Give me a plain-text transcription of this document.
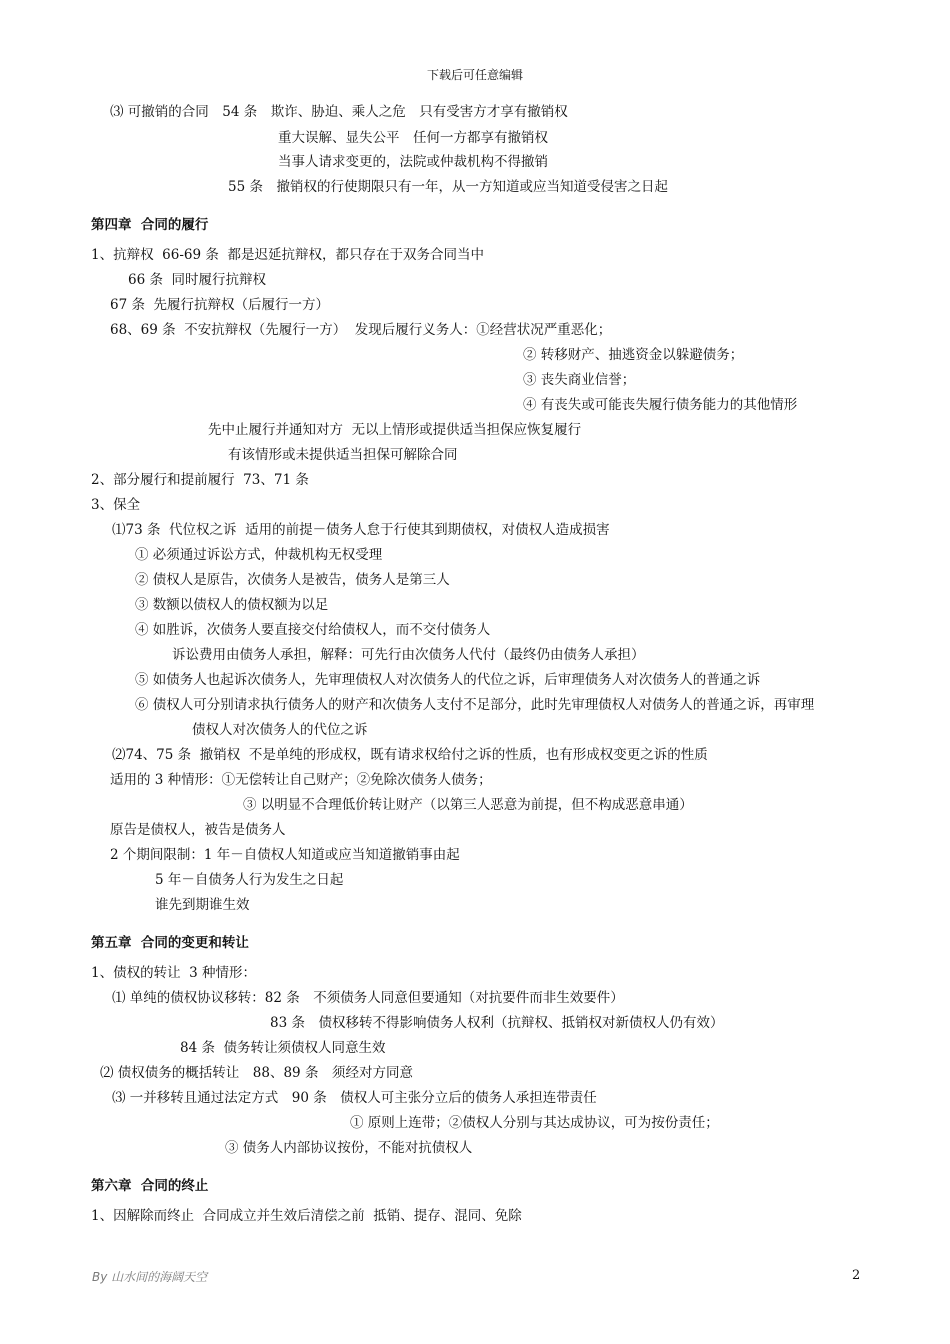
下载后可任意编辑
⑶ 可撤销的合同　54 条　欺诈、胁迫、乘人之危　只有受害方才享有撤销权
重大误解、显失公平　任何一方都享有撤销权
当事人请求变更的，法院或仲裁机构不得撤销
55 条　撤销权的行使期限只有一年，从一方知道或应当知道受侵害之日起
第四章  合同的履行
1、抗辩权  66-69 条  都是迟延抗辩权，都只存在于双务合同当中
66 条  同时履行抗辩权
67 条  先履行抗辩权（后履行一方）
68、69 条  不安抗辩权（先履行一方）  发现后履行义务人：①经营状况严重恶化；
② 转移财产、抽逃资金以躲避债务；
③ 丧失商业信誉；
④ 有丧失或可能丧失履行债务能力的其他情形
先中止履行并通知对方  无以上情形或提供适当担保应恢复履行
有该情形或未提供适当担保可解除合同
2、部分履行和提前履行  73、71 条
3、保全
⑴73 条  代位权之诉  适用的前提－债务人怠于行使其到期债权，对债权人造成损害
① 必须通过诉讼方式，仲裁机构无权受理
② 债权人是原告，次债务人是被告，债务人是第三人
③ 数额以债权人的债权额为以足
④ 如胜诉，次债务人要直接交付给债权人，而不交付债务人
诉讼费用由债务人承担，解释：可先行由次债务人代付（最终仍由债务人承担）
⑤ 如债务人也起诉次债务人，先审理债权人对次债务人的代位之诉，后审理债务人对次债务人的普通之诉
⑥ 债权人可分别请求执行债务人的财产和次债务人支付不足部分，此时先审理债权人对债务人的普通之诉，再审理
债权人对次债务人的代位之诉
⑵74、75 条  撤销权  不是单纯的形成权，既有请求权给付之诉的性质，也有形成权变更之诉的性质
适用的 3 种情形：①无偿转让自己财产；②免除次债务人债务；
③ 以明显不合理低价转让财产（以第三人恶意为前提，但不构成恶意串通）
原告是债权人，被告是债务人
2 个期间限制：1 年－自债权人知道或应当知道撤销事由起
5 年－自债务人行为发生之日起
谁先到期谁生效
第五章  合同的变更和转让
1、债权的转让  3 种情形：
⑴ 单纯的债权协议移转：82 条　不须债务人同意但要通知（对抗要件而非生效要件）
83 条　债权移转不得影响债务人权利（抗辩权、抵销权对新债权人仍有效）
84 条  债务转让须债权人同意生效
⑵ 债权债务的概括转让　88、89 条　须经对方同意
⑶ 一并移转且通过法定方式　90 条　债权人可主张分立后的债务人承担连带责任
① 原则上连带；②债权人分别与其达成协议，可为按份责任；
③ 债务人内部协议按份，不能对抗债权人
第六章  合同的终止
1、因解除而终止  合同成立并生效后清偿之前  抵销、提存、混同、免除
By 山水间的海阔天空	2
